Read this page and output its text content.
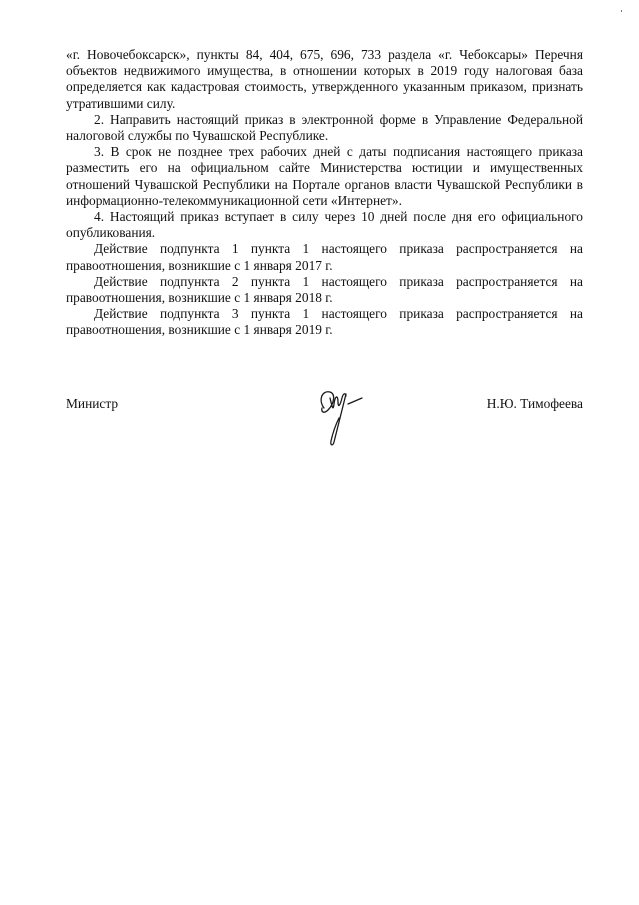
«г. Новочебоксарск», пункты 84, 404, 675, 696, 733 раздела «г. Чебоксары» Перечня объектов недвижимого имущества, в отношении которых в 2019 году налоговая база определяется как кадастровая стоимость, утвержденного указанным приказом, признать утратившими силу.

2. Направить настоящий приказ в электронной форме в Управление Федеральной налоговой службы по Чувашской Республике.

3. В срок не позднее трех рабочих дней с даты подписания настоящего приказа разместить его на официальном сайте Министерства юстиции и имущественных отношений Чувашской Республики на Портале органов власти Чувашской Республики в информационно-телекоммуникационной сети «Интернет».

4. Настоящий приказ вступает в силу через 10 дней после дня его официального опубликования.

Действие подпункта 1 пункта 1 настоящего приказа распространяется на правоотношения, возникшие с 1 января 2017 г.

Действие подпункта 2 пункта 1 настоящего приказа распространяется на правоотношения, возникшие с 1 января 2018 г.

Действие подпункта 3 пункта 1 настоящего приказа распространяется на правоотношения, возникшие с 1 января 2019 г.

Министр	Н.Ю. Тимофеева
